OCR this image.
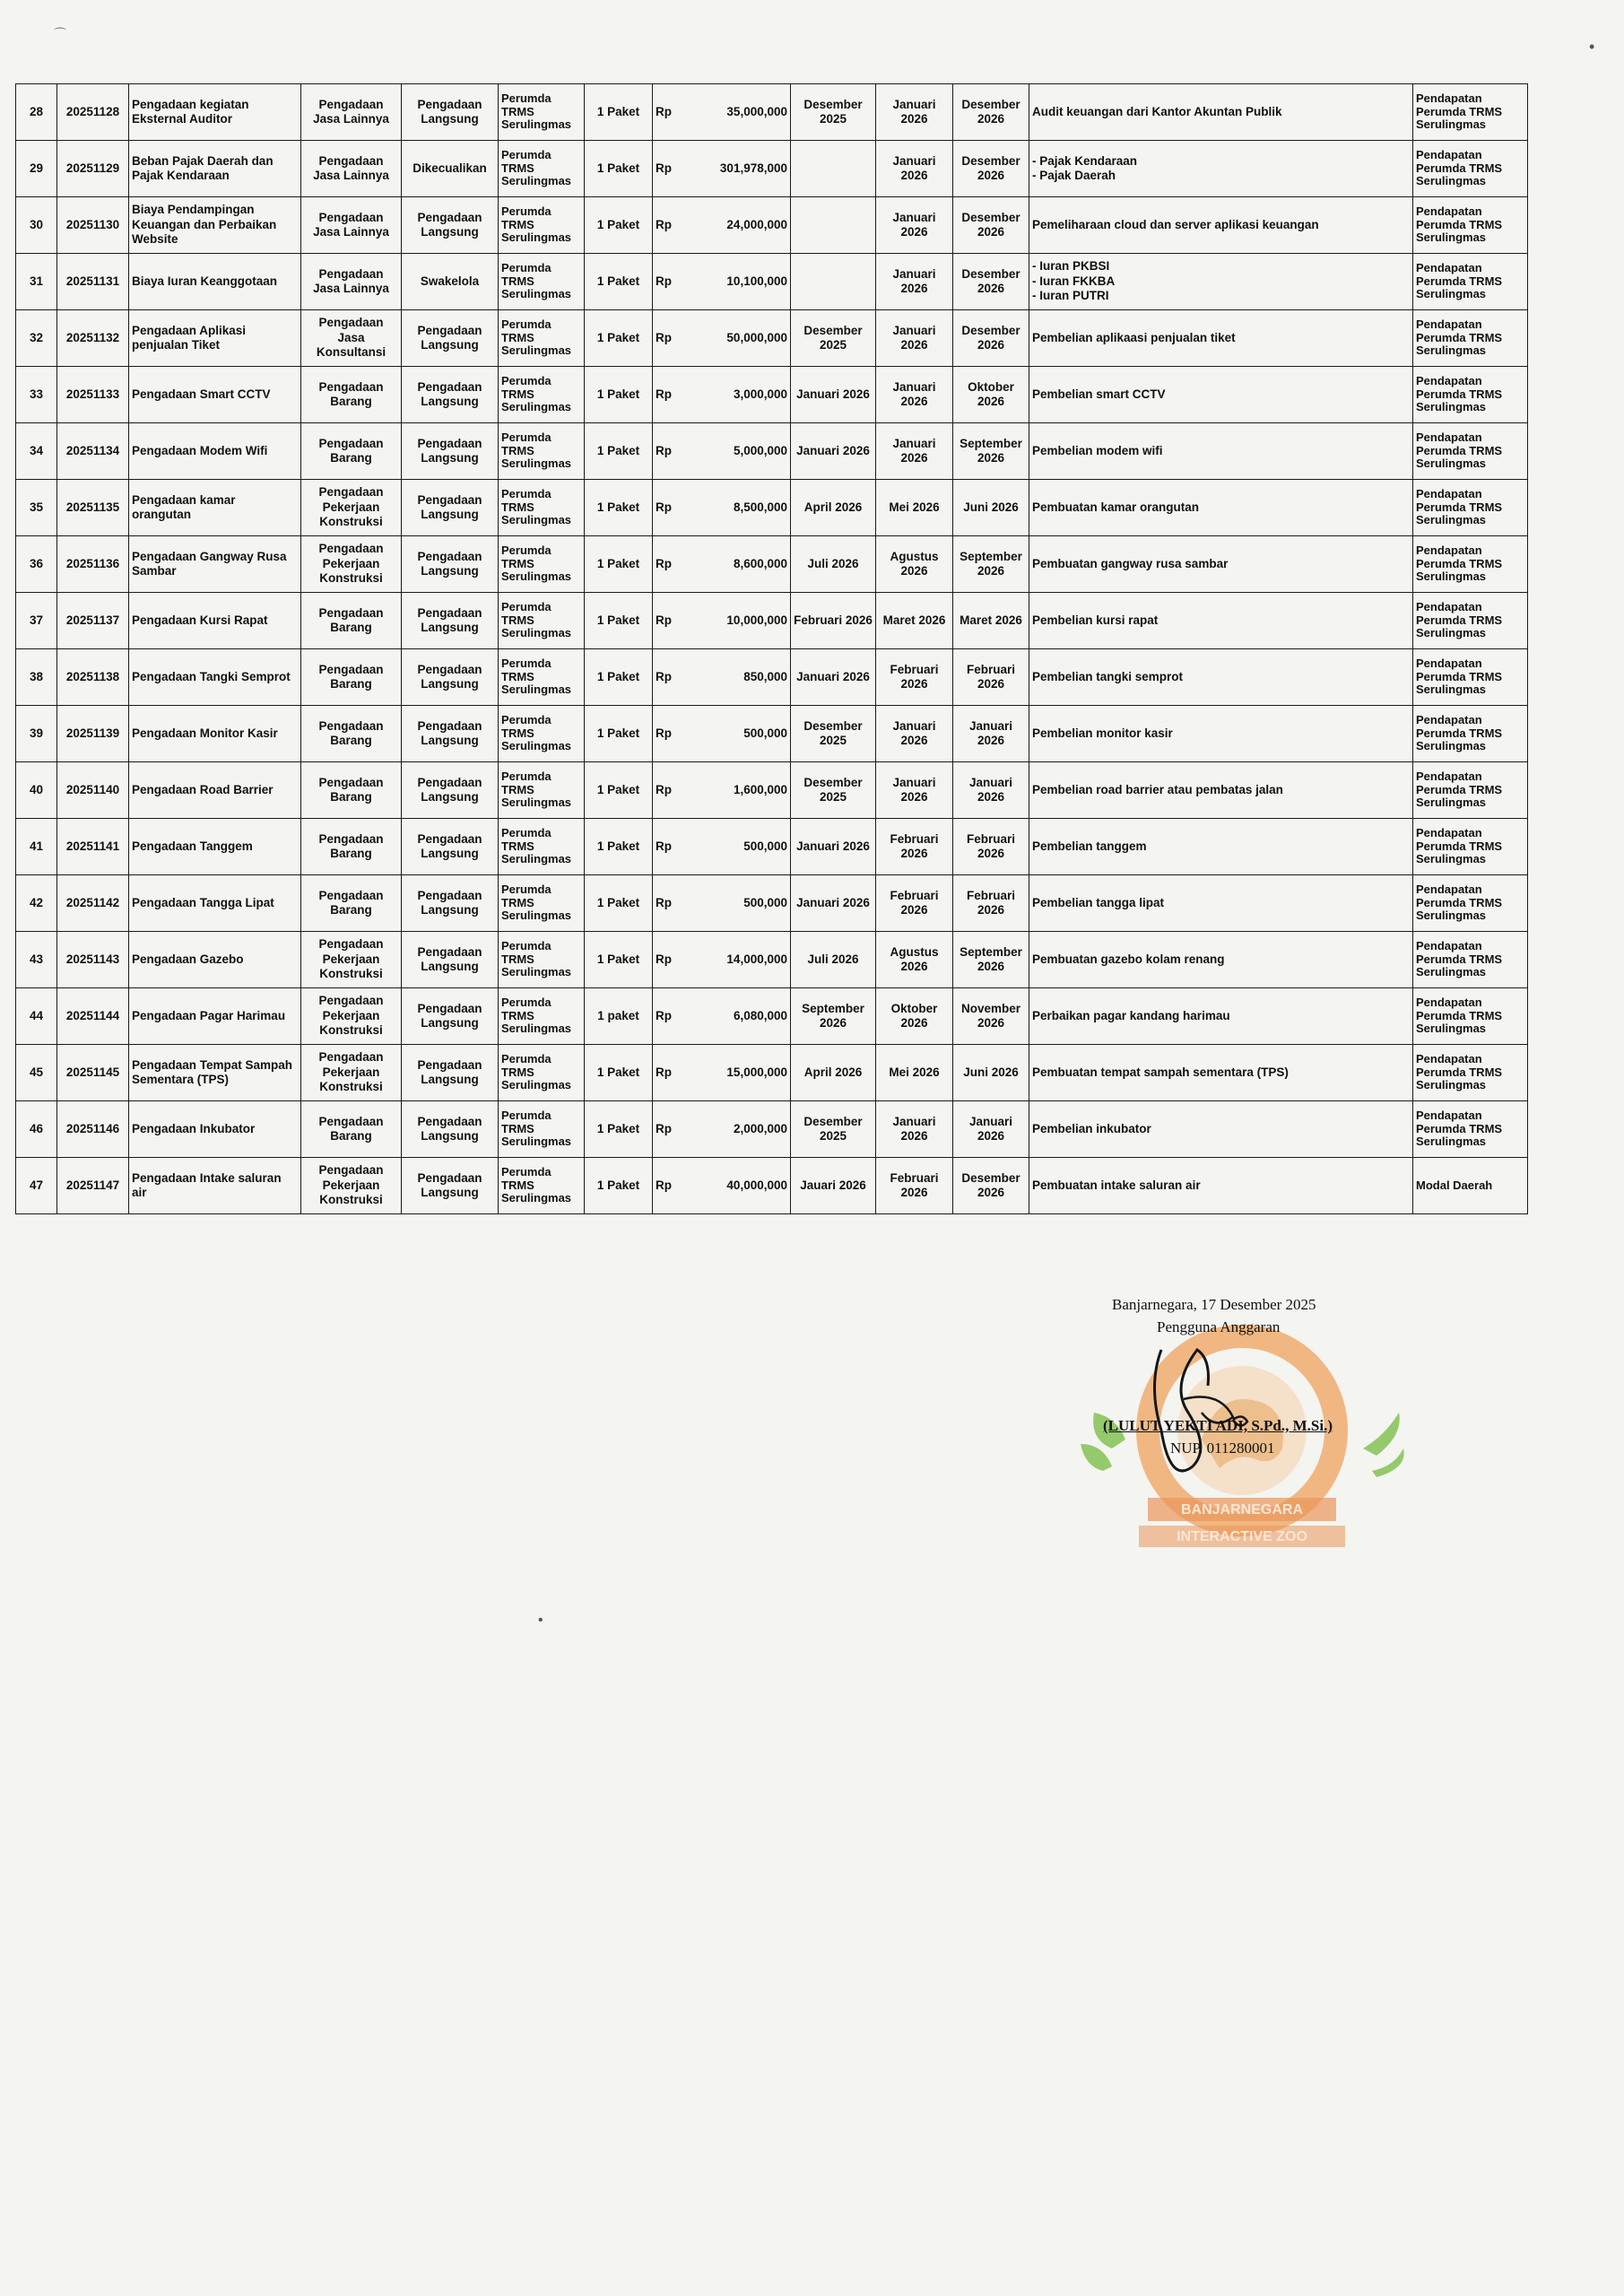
⌒
•
•
28	20251128	Pengadaan kegiatan Eksternal Auditor	Pengadaan Jasa Lainnya	Pengadaan Langsung	Perumda TRMS Serulingmas	1 Paket	Rp	35,000,000	Desember 2025	Januari 2026	Desember 2026	Audit keuangan dari Kantor Akuntan Publik	Pendapatan Perumda TRMS Serulingmas
29	20251129	Beban Pajak Daerah dan Pajak Kendaraan	Pengadaan Jasa Lainnya	Dikecualikan	Perumda TRMS Serulingmas	1 Paket	Rp	301,978,000		Januari 2026	Desember 2026	- Pajak Kendaraan
- Pajak Daerah	Pendapatan Perumda TRMS Serulingmas
30	20251130	Biaya Pendampingan Keuangan dan Perbaikan Website	Pengadaan Jasa Lainnya	Pengadaan Langsung	Perumda TRMS Serulingmas	1 Paket	Rp	24,000,000		Januari 2026	Desember 2026	Pemeliharaan cloud dan server aplikasi keuangan	Pendapatan Perumda TRMS Serulingmas
31	20251131	Biaya Iuran Keanggotaan	Pengadaan Jasa Lainnya	Swakelola	Perumda TRMS Serulingmas	1 Paket	Rp	10,100,000		Januari 2026	Desember 2026	- Iuran PKBSI
- Iuran FKKBA
- Iuran PUTRI	Pendapatan Perumda TRMS Serulingmas
32	20251132	Pengadaan Aplikasi penjualan Tiket	Pengadaan Jasa Konsultansi	Pengadaan Langsung	Perumda TRMS Serulingmas	1 Paket	Rp	50,000,000	Desember 2025	Januari 2026	Desember 2026	Pembelian aplikaasi penjualan tiket	Pendapatan Perumda TRMS Serulingmas
33	20251133	Pengadaan Smart CCTV	Pengadaan Barang	Pengadaan Langsung	Perumda TRMS Serulingmas	1 Paket	Rp	3,000,000	Januari 2026	Januari 2026	Oktober 2026	Pembelian smart CCTV	Pendapatan Perumda TRMS Serulingmas
34	20251134	Pengadaan Modem Wifi	Pengadaan Barang	Pengadaan Langsung	Perumda TRMS Serulingmas	1 Paket	Rp	5,000,000	Januari 2026	Januari 2026	September 2026	Pembelian modem wifi	Pendapatan Perumda TRMS Serulingmas
35	20251135	Pengadaan kamar orangutan	Pengadaan Pekerjaan Konstruksi	Pengadaan Langsung	Perumda TRMS Serulingmas	1 Paket	Rp	8,500,000	April 2026	Mei 2026	Juni 2026	Pembuatan kamar orangutan	Pendapatan Perumda TRMS Serulingmas
36	20251136	Pengadaan Gangway Rusa Sambar	Pengadaan Pekerjaan Konstruksi	Pengadaan Langsung	Perumda TRMS Serulingmas	1 Paket	Rp	8,600,000	Juli 2026	Agustus 2026	September 2026	Pembuatan gangway rusa sambar	Pendapatan Perumda TRMS Serulingmas
37	20251137	Pengadaan Kursi Rapat	Pengadaan Barang	Pengadaan Langsung	Perumda TRMS Serulingmas	1 Paket	Rp	10,000,000	Februari 2026	Maret 2026	Maret 2026	Pembelian kursi rapat	Pendapatan Perumda TRMS Serulingmas
38	20251138	Pengadaan Tangki Semprot	Pengadaan Barang	Pengadaan Langsung	Perumda TRMS Serulingmas	1 Paket	Rp	850,000	Januari 2026	Februari 2026	Februari 2026	Pembelian tangki semprot	Pendapatan Perumda TRMS Serulingmas
39	20251139	Pengadaan Monitor Kasir	Pengadaan Barang	Pengadaan Langsung	Perumda TRMS Serulingmas	1 Paket	Rp	500,000	Desember 2025	Januari 2026	Januari 2026	Pembelian monitor kasir	Pendapatan Perumda TRMS Serulingmas
40	20251140	Pengadaan Road Barrier	Pengadaan Barang	Pengadaan Langsung	Perumda TRMS Serulingmas	1 Paket	Rp	1,600,000	Desember 2025	Januari 2026	Januari 2026	Pembelian road barrier atau pembatas jalan	Pendapatan Perumda TRMS Serulingmas
41	20251141	Pengadaan Tanggem	Pengadaan Barang	Pengadaan Langsung	Perumda TRMS Serulingmas	1 Paket	Rp	500,000	Januari 2026	Februari 2026	Februari 2026	Pembelian tanggem	Pendapatan Perumda TRMS Serulingmas
42	20251142	Pengadaan Tangga Lipat	Pengadaan Barang	Pengadaan Langsung	Perumda TRMS Serulingmas	1 Paket	Rp	500,000	Januari 2026	Februari 2026	Februari 2026	Pembelian tangga lipat	Pendapatan Perumda TRMS Serulingmas
43	20251143	Pengadaan Gazebo	Pengadaan Pekerjaan Konstruksi	Pengadaan Langsung	Perumda TRMS Serulingmas	1 Paket	Rp	14,000,000	Juli 2026	Agustus 2026	September 2026	Pembuatan gazebo kolam renang	Pendapatan Perumda TRMS Serulingmas
44	20251144	Pengadaan Pagar Harimau	Pengadaan Pekerjaan Konstruksi	Pengadaan Langsung	Perumda TRMS Serulingmas	1 paket	Rp	6,080,000	September 2026	Oktober 2026	November 2026	Perbaikan pagar kandang harimau	Pendapatan Perumda TRMS Serulingmas
45	20251145	Pengadaan Tempat Sampah Sementara (TPS)	Pengadaan Pekerjaan Konstruksi	Pengadaan Langsung	Perumda TRMS Serulingmas	1 Paket	Rp	15,000,000	April 2026	Mei 2026	Juni 2026	Pembuatan tempat sampah sementara (TPS)	Pendapatan Perumda TRMS Serulingmas
46	20251146	Pengadaan Inkubator	Pengadaan Barang	Pengadaan Langsung	Perumda TRMS Serulingmas	1 Paket	Rp	2,000,000	Desember 2025	Januari 2026	Januari 2026	Pembelian inkubator	Pendapatan Perumda TRMS Serulingmas
47	20251147	Pengadaan Intake saluran air	Pengadaan Pekerjaan Konstruksi	Pengadaan Langsung	Perumda TRMS Serulingmas	1 Paket	Rp	40,000,000	Jauari 2026	Februari 2026	Desember 2026	Pembuatan intake saluran air	Modal Daerah
BANJARNEGARA
INTERACTIVE ZOO
Banjarnegara, 17 Desember 2025
Pengguna Anggaran
(LULUT YEKTI ADI, S.Pd., M.Si.)
NUP. 011280001
